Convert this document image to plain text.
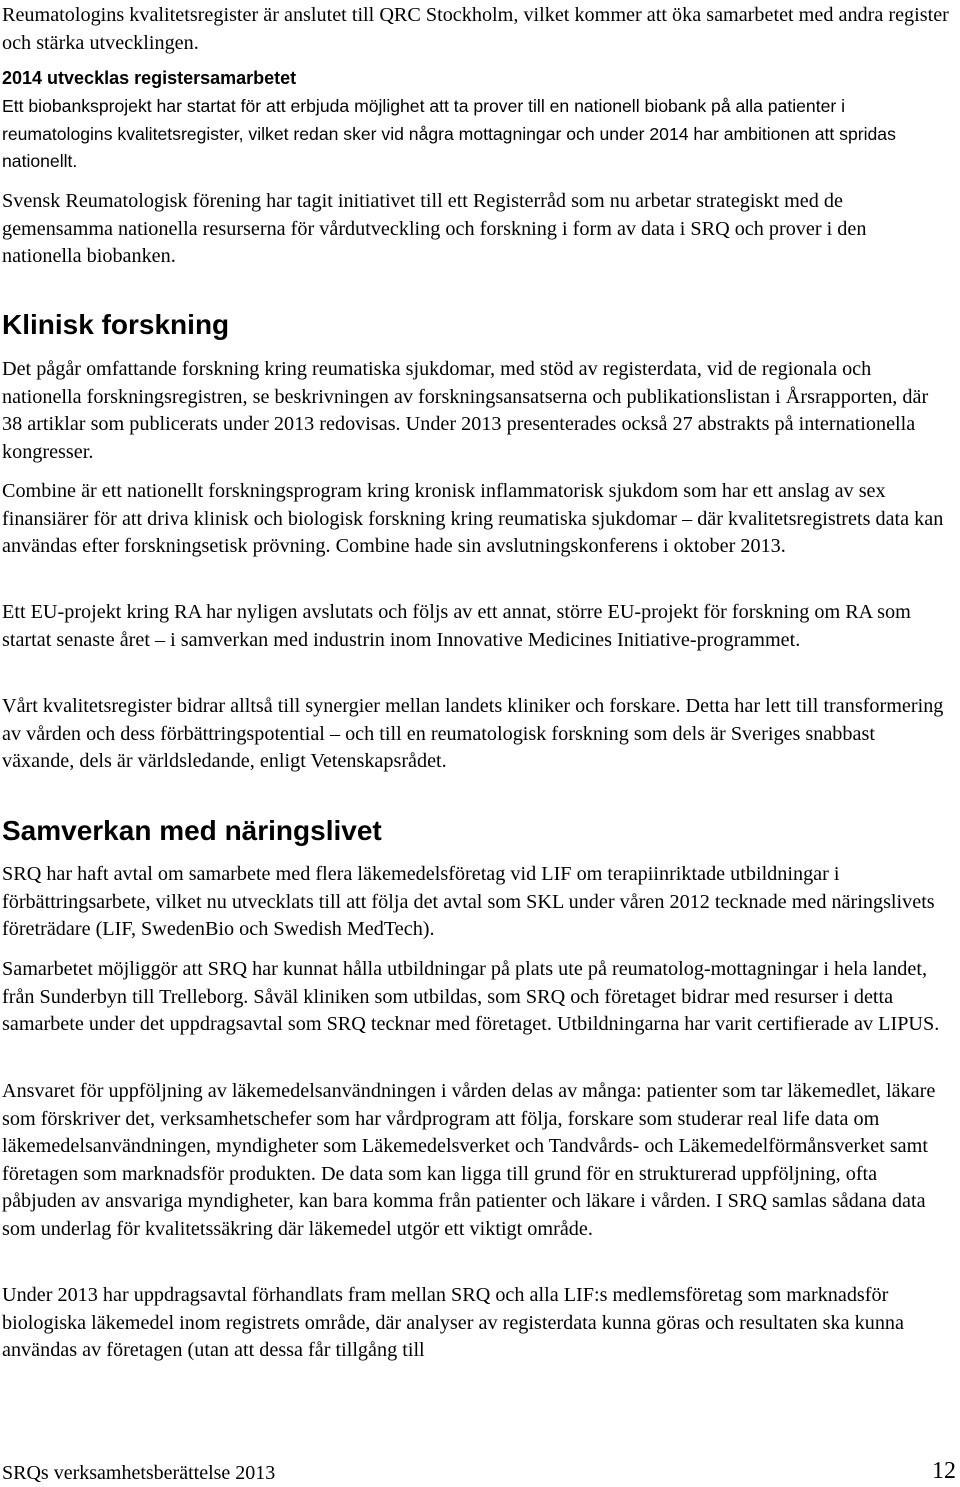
Reumatologins kvalitetsregister är anslutet till QRC Stockholm, vilket kommer att öka samarbetet med andra register och stärka utvecklingen.

2014 utvecklas registersamarbetet

Ett biobanksprojekt har startat för att erbjuda möjlighet att ta prover till en nationell biobank på alla patienter i reumatologins kvalitetsregister, vilket redan sker vid några mottagningar och under 2014 har ambitionen att spridas nationellt.

Svensk Reumatologisk förening har tagit initiativet till ett Registerråd som nu arbetar strategiskt med de gemensamma nationella resurserna för vårdutveckling och forskning i form av data i SRQ och prover i den nationella biobanken.

Klinisk forskning

Det pågår omfattande forskning kring reumatiska sjukdomar, med stöd av registerdata, vid de regionala och nationella forskningsregistren, se beskrivningen av forskningsansatserna och publikationslistan i Årsrapporten, där 38 artiklar som publicerats under 2013 redovisas. Under 2013 presenterades också 27 abstrakts på internationella kongresser.

Combine är ett nationellt forskningsprogram kring kronisk inflammatorisk sjukdom som har ett anslag av sex finansiärer för att driva klinisk och biologisk forskning kring reumatiska sjukdomar – där kvalitetsregistrets data kan användas efter forskningsetisk prövning. Combine hade sin avslutningskonferens i oktober 2013.

Ett EU-projekt kring RA har nyligen avslutats och följs av ett annat, större EU-projekt för forskning om RA som startat senaste året – i samverkan med industrin inom Innovative Medicines Initiative-programmet.

Vårt kvalitetsregister bidrar alltså till synergier mellan landets kliniker och forskare. Detta har lett till transformering av vården och dess förbättringspotential – och till en reumatologisk forskning som dels är Sveriges snabbast växande, dels är världsledande, enligt Vetenskapsrådet.

Samverkan med näringslivet

SRQ har haft avtal om samarbete med flera läkemedelsföretag vid LIF om terapiinriktade utbildningar i förbättringsarbete, vilket nu utvecklats till att följa det avtal som SKL under våren 2012 tecknade med näringslivets företrädare (LIF, SwedenBio och Swedish MedTech).

Samarbetet möjliggör att SRQ har kunnat hålla utbildningar på plats ute på reumatolog-mottagningar i hela landet, från Sunderbyn till Trelleborg. Såväl kliniken som utbildas, som SRQ och företaget bidrar med resurser i detta samarbete under det uppdragsavtal som SRQ tecknar med företaget. Utbildningarna har varit certifierade av LIPUS.

Ansvaret för uppföljning av läkemedelsanvändningen i vården delas av många: patienter som tar läkemedlet, läkare som förskriver det, verksamhetschefer som har vårdprogram att följa, forskare som studerar real life data om läkemedelsanvändningen, myndigheter som Läkemedelsverket och Tandvårds- och Läkemedelförmånsverket samt företagen som marknadsför produkten. De data som kan ligga till grund för en strukturerad uppföljning, ofta påbjuden av ansvariga myndigheter, kan bara komma från patienter och läkare i vården. I SRQ samlas sådana data som underlag för kvalitetssäkring där läkemedel utgör ett viktigt område.

Under 2013 har uppdragsavtal förhandlats fram mellan SRQ och alla LIF:s medlemsföretag som marknadsför biologiska läkemedel inom registrets område, där analyser av registerdata kunna göras och resultaten ska kunna användas av företagen (utan att dessa får tillgång till

SRQs verksamhetsberättelse 2013	12
